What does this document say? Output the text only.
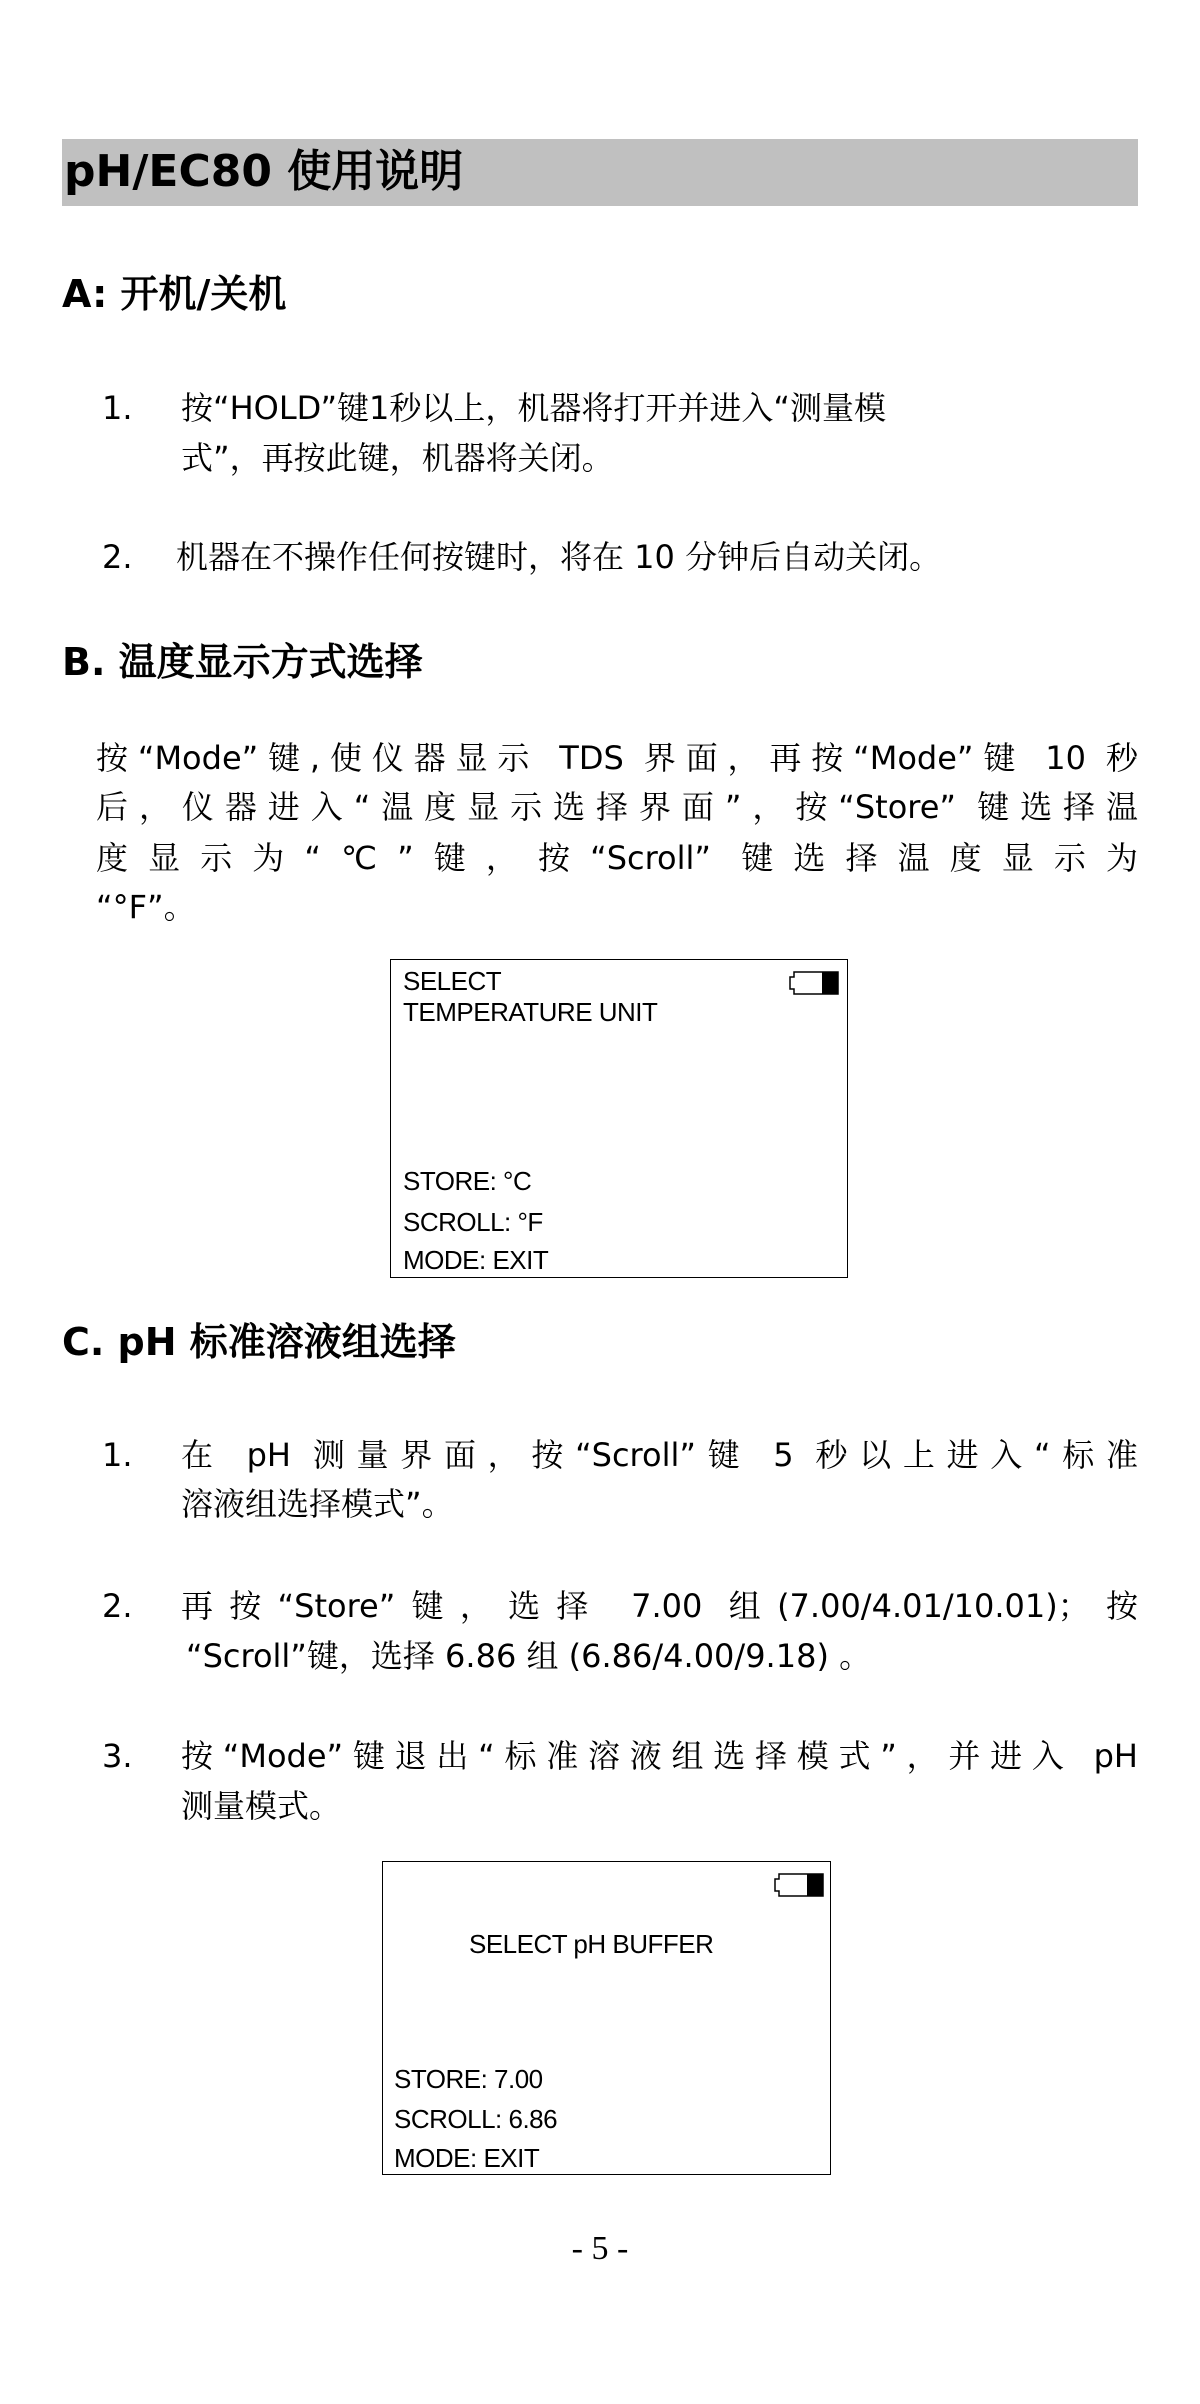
pH/EC80 使用说明
A: 开机/关机
1. 按“HOLD”键1秒以上，机器将打开并进入“测量模
式”，再按此键，机器将关闭。
2. 机器在不操作任何按键时，将在 10 分钟后自动关闭。
B. 温度显示方式选择
按“Mode”键,使仪器显示 TDS 界面，再按“Mode”键 10 秒
后，仪器进入“温度显示选择界面”，按“Store” 键选择温
度显示为“℃”键，按“Scroll” 键选择温度显示为
“°F”。
SELECT
TEMPERATURE UNIT
STORE: °C
SCROLL: °F
MODE: EXIT
C. pH 标准溶液组选择
1. 在 pH 测量界面，按“Scroll”键 5 秒以上进入“标准
溶液组选择模式”。
2. 再按“Store”键，选择 7.00 组(7.00/4.01/10.01)；按
“Scroll”键，选择 6.86 组 (6.86/4.00/9.18) 。
3. 按“Mode”键退出“标准溶液组选择模式”，并进入 pH
测量模式。
SELECT pH BUFFER
STORE: 7.00
SCROLL: 6.86
MODE: EXIT
- 5 -
